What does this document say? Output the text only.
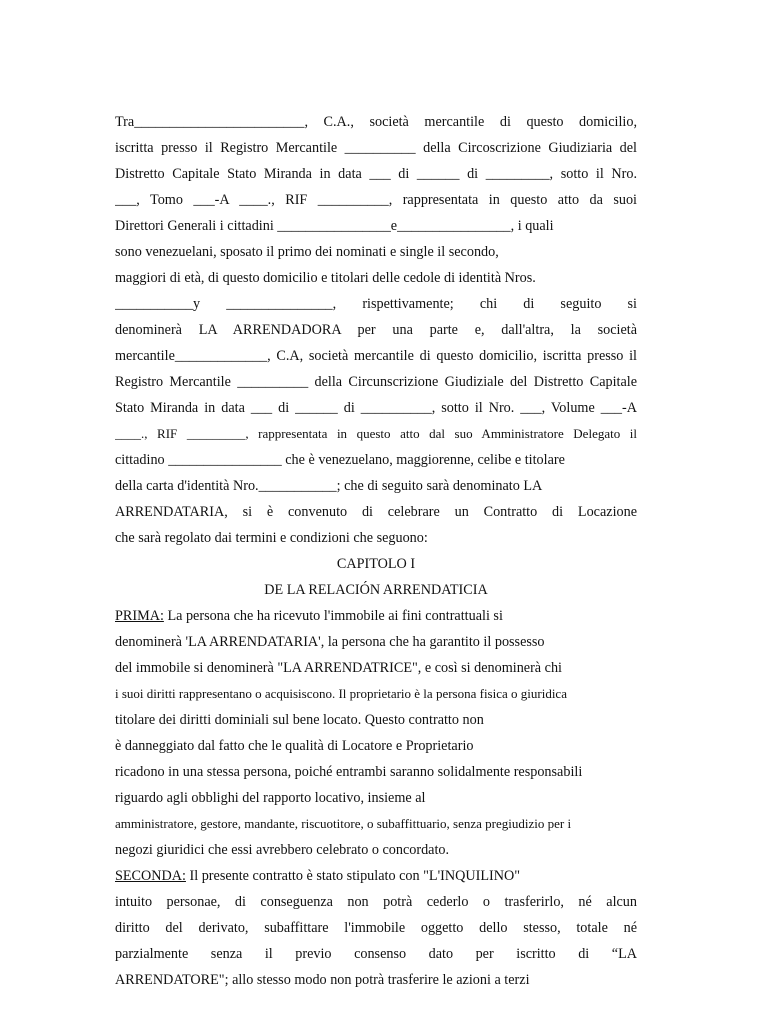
Tra________________________, C.A., società mercantile di questo domicilio,
iscritta presso il Registro Mercantile __________ della Circoscrizione Giudiziaria del
Distretto Capitale Stato Miranda in data ___ di ______ di _________, sotto il Nro.
___, Tomo ___-A ____., RIF __________, rappresentata in questo atto da suoi
Direttori Generali i cittadini ________________e________________, i quali
sono venezuelani, sposato il primo dei nominati e single il secondo,
maggiori di età, di questo domicilio e titolari delle cedole di identità Nros.
___________y _______________, rispettivamente; chi di seguito si
denominerà LA ARRENDADORA per una parte e, dall'altra, la società
mercantile_____________, C.A, società mercantile di questo domicilio, iscritta presso il
Registro Mercantile __________ della Circunscrizione Giudiziale del Distretto Capitale
Stato Miranda in data ___ di ______ di __________, sotto il Nro. ___, Volume ___-A
____., RIF _________, rappresentata in questo atto dal suo Amministratore Delegato il
cittadino ________________ che è venezuelano, maggiorenne, celibe e titolare
della carta d'identità Nro.___________; che di seguito sarà denominato LA
ARRENDATARIA, si è convenuto di celebrare un Contratto di Locazione
che sarà regolato dai termini e condizioni che seguono:
CAPITOLO I
DE LA RELACIÓN ARRENDATICIA
PRIMA: La persona che ha ricevuto l'immobile ai fini contrattuali si
denominerà 'LA ARRENDATARIA', la persona che ha garantito il possesso
del immobile si denominerà "LA ARRENDATRICE", e così si denominerà chi
i suoi diritti rappresentano o acquisiscono. Il proprietario è la persona fisica o giuridica
titolare dei diritti dominiali sul bene locato. Questo contratto non
è danneggiato dal fatto che le qualità di Locatore e Proprietario
ricadono in una stessa persona, poiché entrambi saranno solidalmente responsabili
riguardo agli obblighi del rapporto locativo, insieme al
amministratore, gestore, mandante, riscuotitore, o subaffittuario, senza pregiudizio per i
negozi giuridici che essi avrebbero celebrato o concordato.
SECONDA: Il presente contratto è stato stipulato con "L'INQUILINO"
intuito personae, di conseguenza non potrà cederlo o trasferirlo, né alcun
diritto del derivato, subaffittare l'immobile oggetto dello stesso, totale né
parzialmente senza il previo consenso dato per iscritto di “LA
ARRENDATORE"; allo stesso modo non potrà trasferire le azioni a terzi
